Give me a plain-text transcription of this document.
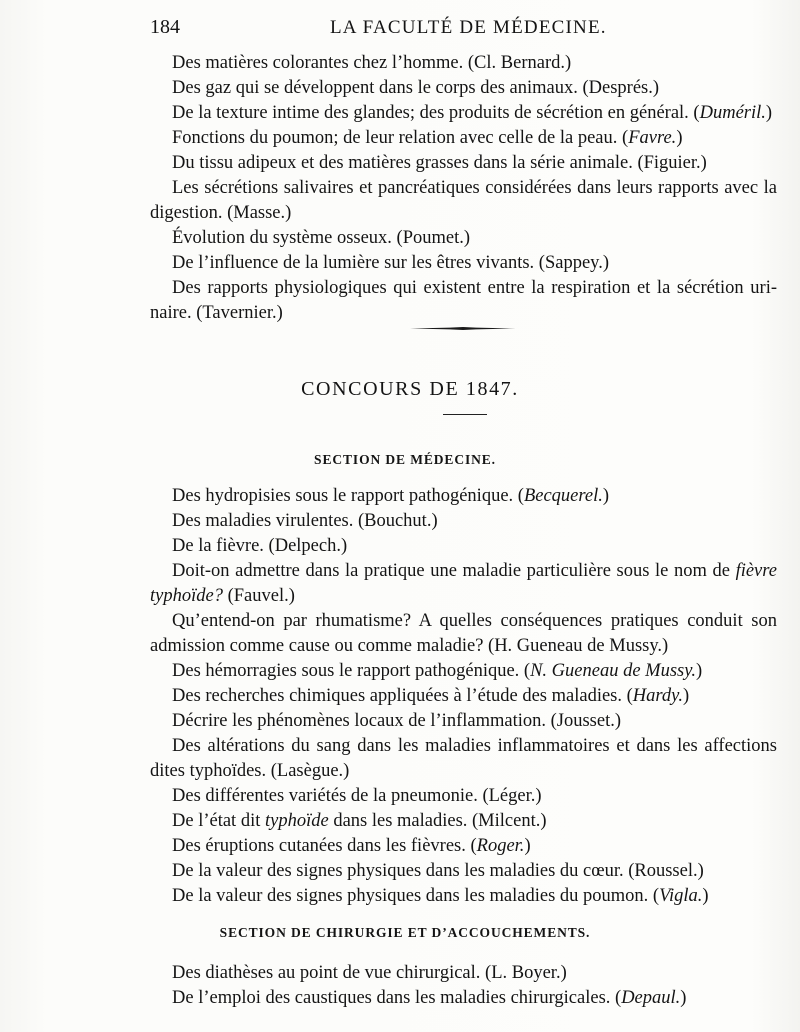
184	LA FACULTÉ DE MÉDECINE.
Des matières colorantes chez l’homme. (Cl. Bernard.)
Des gaz qui se développent dans le corps des animaux. (Després.)
De la texture intime des glandes; des produits de sécrétion en général. (Duméril.)
Fonctions du poumon; de leur relation avec celle de la peau. (Favre.)
Du tissu adipeux et des matières grasses dans la série animale. (Figuier.)
Les sécrétions salivaires et pancréatiques considérées dans leurs rapports avec la
digestion. (Masse.)
Évolution du système osseux. (Poumet.)
De l’influence de la lumière sur les êtres vivants. (Sappey.)
Des rapports physiologiques qui existent entre la respiration et la sécrétion uri-
naire. (Tavernier.)
CONCOURS DE 1847.
SECTION DE MÉDECINE.
Des hydropisies sous le rapport pathogénique. (Becquerel.)
Des maladies virulentes. (Bouchut.)
De la fièvre. (Delpech.)
Doit-on admettre dans la pratique une maladie particulière sous le nom de fièvre
typhoïde? (Fauvel.)
Qu’entend-on par rhumatisme? A quelles conséquences pratiques conduit son
admission comme cause ou comme maladie? (H. Gueneau de Mussy.)
Des hémorragies sous le rapport pathogénique. (N. Gueneau de Mussy.)
Des recherches chimiques appliquées à l’étude des maladies. (Hardy.)
Décrire les phénomènes locaux de l’inflammation. (Jousset.)
Des altérations du sang dans les maladies inflammatoires et dans les affections
dites typhoïdes. (Lasègue.)
Des différentes variétés de la pneumonie. (Léger.)
De l’état dit typhoïde dans les maladies. (Milcent.)
Des éruptions cutanées dans les fièvres. (Roger.)
De la valeur des signes physiques dans les maladies du cœur. (Roussel.)
De la valeur des signes physiques dans les maladies du poumon. (Vigla.)
SECTION DE CHIRURGIE ET D’ACCOUCHEMENTS.
Des diathèses au point de vue chirurgical. (L. Boyer.)
De l’emploi des caustiques dans les maladies chirurgicales. (Depaul.)
